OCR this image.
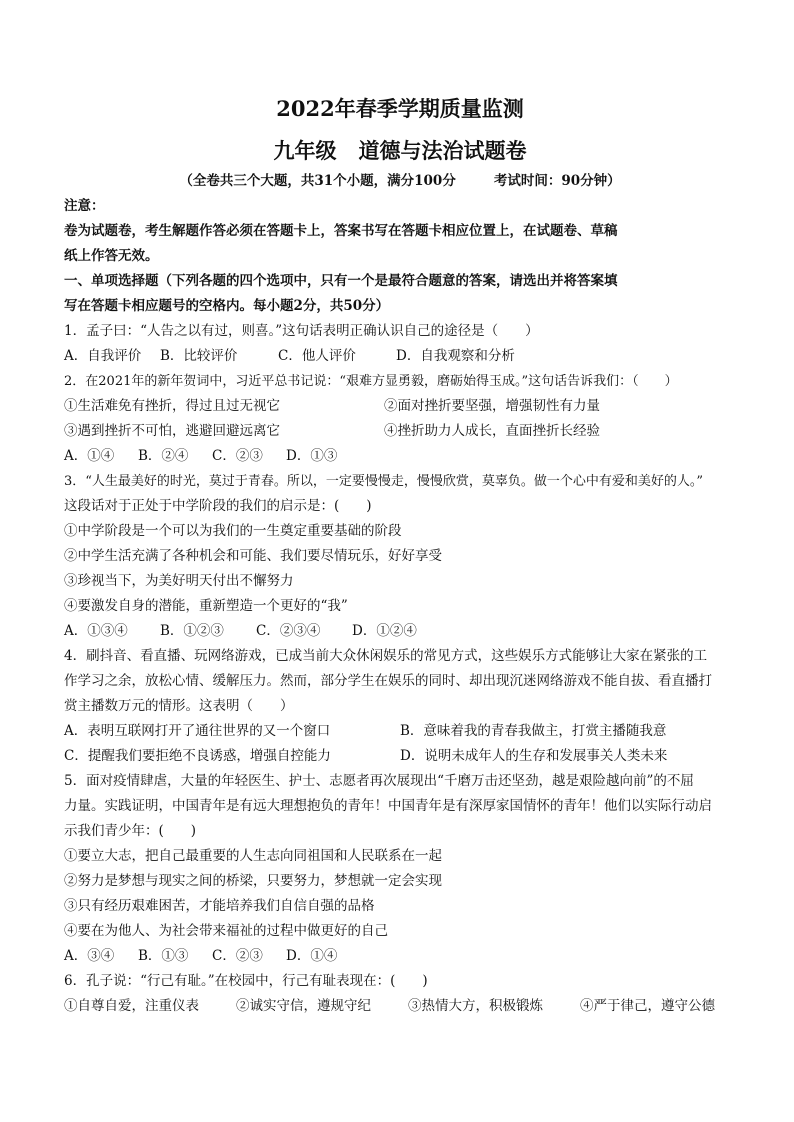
2022年春季学期质量监测
九年级 道德与法治试题卷
（全卷共三个大题，共31个小题，满分100分	考试时间：90分钟）
注意：
卷为试题卷，考生解题作答必须在答题卡上，答案书写在答题卡相应位置上，在试题卷、草稿
纸上作答无效。
一、单项选择题（下列各题的四个选项中，只有一个是最符合题意的答案，请选出并将答案填
写在答题卡相应题号的空格内。每小题2分，共50分）
1．孟子曰：“人告之以有过，则喜。”这句话表明正确认识自己的途径是（　　）
A．自我评价 B．比较评价	C．他人评价	D．自我观察和分析
2．在2021年的新年贺词中，习近平总书记说：“艰难方显勇毅，磨砺始得玉成。”这句话告诉我们：（　　）
①生活难免有挫折，得过且过无视它	②面对挫折要坚强，增强韧性有力量
③遇到挫折不可怕，逃避回避远离它	④挫折助力人成长，直面挫折长经验
A．①④ B．②④ C．②③ D．①③
3．“人生最美好的时光，莫过于青春。所以，一定要慢慢走，慢慢欣赏，莫辜负。做一个心中有爱和美好的人。”
这段话对于正处于中学阶段的我们的启示是：(　　)
①中学阶段是一个可以为我们的一生奠定重要基础的阶段
②中学生活充满了各种机会和可能、我们要尽情玩乐，好好享受
③珍视当下，为美好明天付出不懈努力
④要激发自身的潜能，重新塑造一个更好的“我”
A．①③④ B．①②③ C．②③④ D．①②④
4．刷抖音、看直播、玩网络游戏，已成当前大众休闲娱乐的常见方式，这些娱乐方式能够让大家在紧张的工
作学习之余，放松心情、缓解压力。然而，部分学生在娱乐的同时、却出现沉迷网络游戏不能自拔、看直播打
赏主播数万元的情形。这表明（　　）
A．表明互联网打开了通往世界的又一个窗口	B．意味着我的青春我做主，打赏主播随我意
C．提醒我们要拒绝不良诱惑，增强自控能力	D．说明未成年人的生存和发展事关人类未来
5．面对疫情肆虐，大量的年轻医生、护士、志愿者再次展现出“千磨万击还坚劲，越是艰险越向前”的不屈
力量。实践证明，中国青年是有远大理想抱负的青年！中国青年是有深厚家国情怀的青年！他们以实际行动启
示我们青少年：(　　)
①要立大志，把自己最重要的人生志向同祖国和人民联系在一起
②努力是梦想与现实之间的桥梁，只要努力，梦想就一定会实现
③只有经历艰难困苦，才能培养我们自信自强的品格
④要在为他人、为社会带来福祉的过程中做更好的自己
A．③④ B．①③ C．②③ D．①④
6．孔子说：“行己有耻。”在校园中，行己有耻表现在：(　　)
①自尊自爱，注重仪表	②诚实守信，遵规守纪	③热情大方，积极锻炼	④严于律己，遵守公德
